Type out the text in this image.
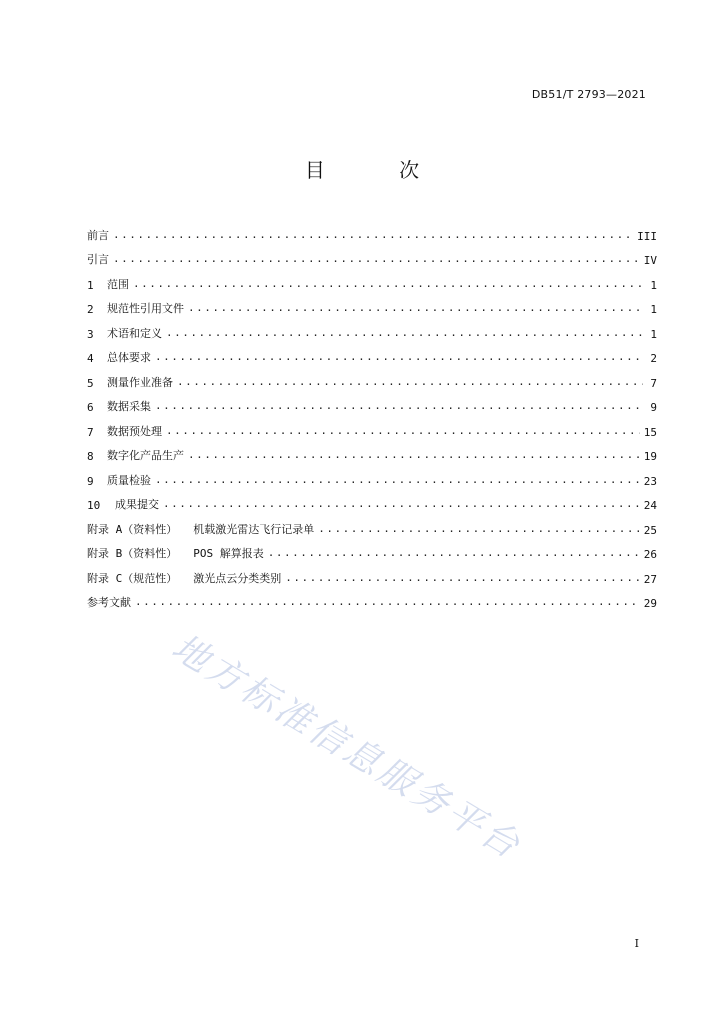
DB51/T 2793—2021
目 次
前言 .....	III
引言 .....	IV
1	范围 .....	1
2	规范性引用文件 .....	1
3	术语和定义 .....	1
4	总体要求 .....	2
5	测量作业准备 .....	7
6	数据采集 .....	9
7	数据预处理 .....	15
8	数字化产品生产 .....	19
9	质量检验 .....	23
10	成果提交 .....	24
附录 A（资料性） 机载激光雷达飞行记录单 .....	25
附录 B（资料性） POS 解算报表 .....	26
附录 C（规范性） 激光点云分类类别 .....	27
参考文献 .....	29
地方标准信息服务平台
I
